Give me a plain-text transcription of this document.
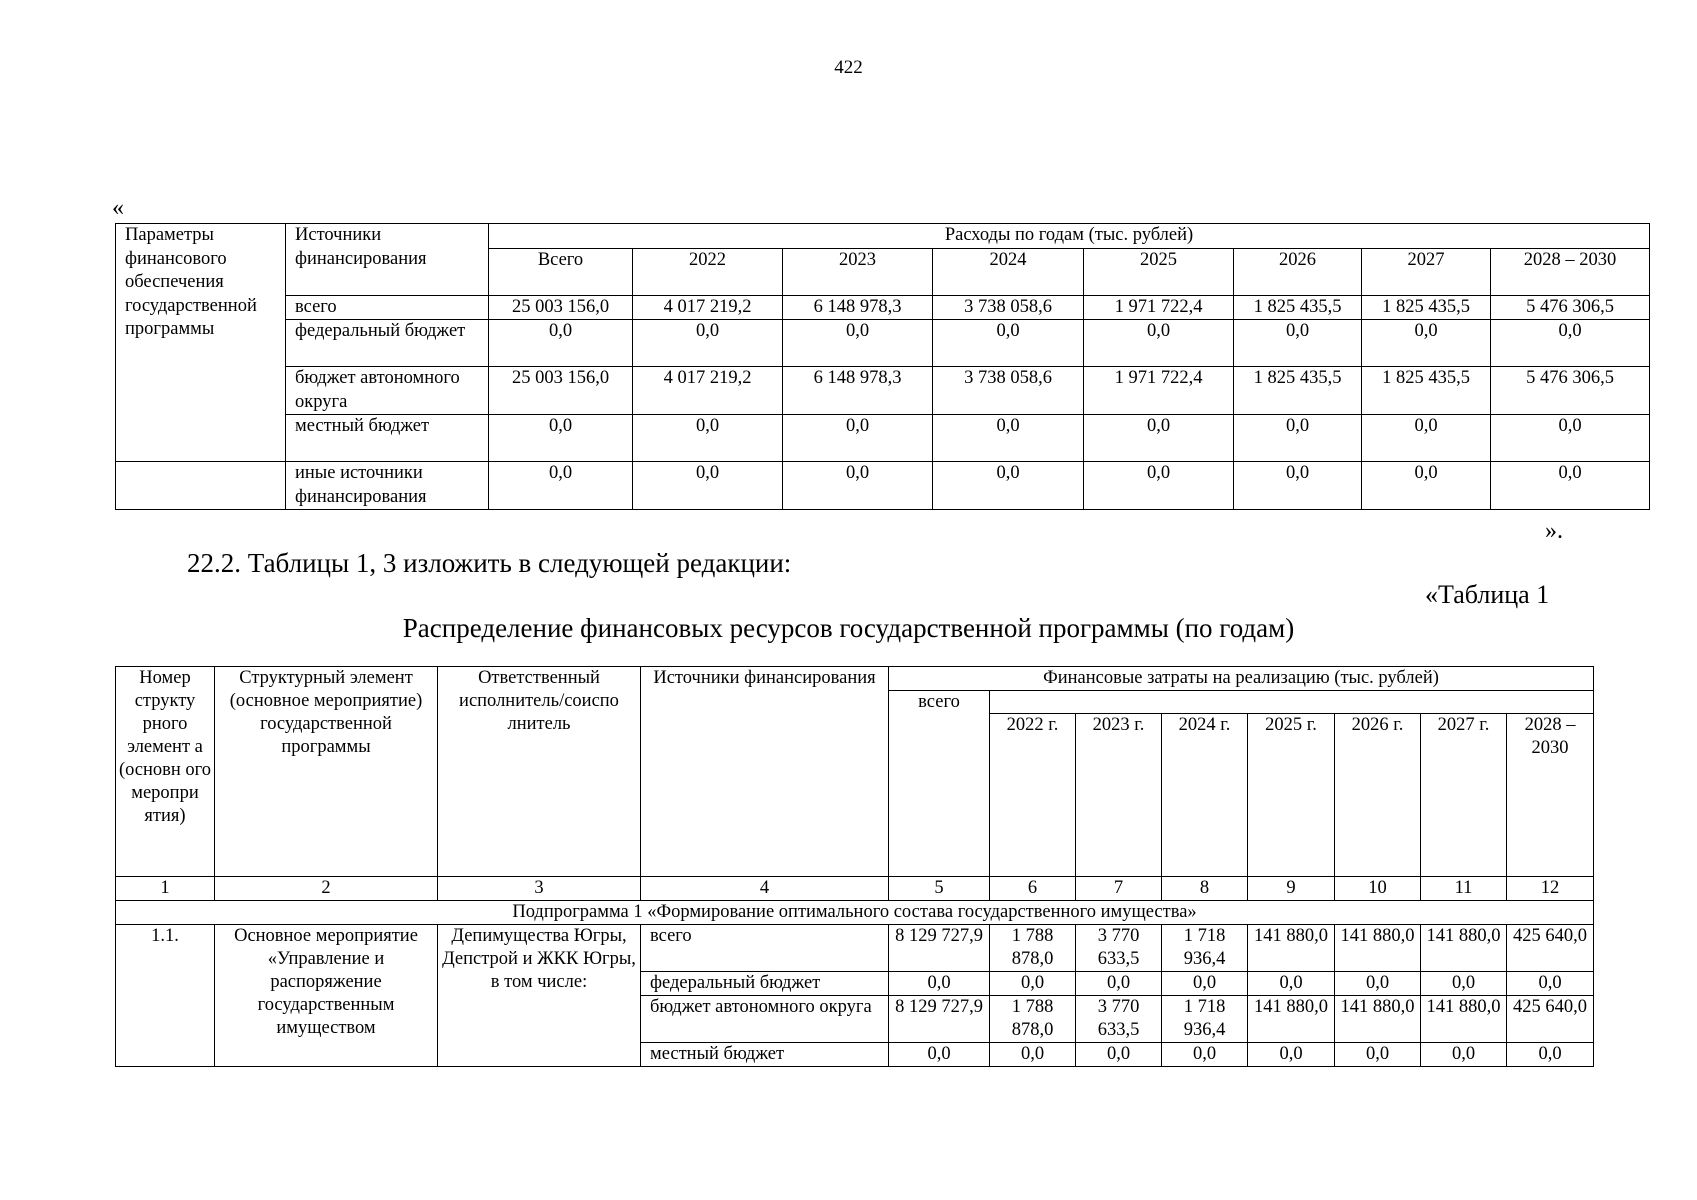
422
«
Параметры финансового обеспечения государственной программы	Источники финансирования	Расходы по годам (тыс. рублей)							
		Всего	2022	2023	2024	2025	2026	2027	2028 – 2030
	всего	25 003 156,0	4 017 219,2	6 148 978,3	3 738 058,6	1 971 722,4	1 825 435,5	1 825 435,5	5 476 306,5
	федеральный бюджет	0,0	0,0	0,0	0,0	0,0	0,0	0,0	0,0
	бюджет автономного округа	25 003 156,0	4 017 219,2	6 148 978,3	3 738 058,6	1 971 722,4	1 825 435,5	1 825 435,5	5 476 306,5
	местный бюджет	0,0	0,0	0,0	0,0	0,0	0,0	0,0	0,0
	иные источники финансирования	0,0	0,0	0,0	0,0	0,0	0,0	0,0	0,0
».
22.2. Таблицы 1, 3 изложить в следующей редакции:
«Таблица 1
Распределение финансовых ресурсов государственной программы (по годам)
Номер структу рного элемент а (основн ого меропри ятия)	Структурный элемент (основное мероприятие) государственной программы	Ответственный исполнитель/соиспо лнитель	Источники финансирования	Финансовые затраты на реализацию (тыс. рублей)							
				всего							
					2022 г.	2023 г.	2024 г.	2025 г.	2026 г.	2027 г.	2028 – 2030
1	2	3	4	5	6	7	8	9	10	11	12
Подпрограмма 1 «Формирование оптимального состава государственного имущества»											
1.1.	Основное мероприятие «Управление и распоряжение государственным имуществом	Депимущества Югры, Депстрой и ЖКК Югры, в том числе:	всего	8 129 727,9	1 788 878,0	3 770 633,5	1 718 936,4	141 880,0	141 880,0	141 880,0	425 640,0
			федеральный бюджет	0,0	0,0	0,0	0,0	0,0	0,0	0,0	0,0
			бюджет автономного округа	8 129 727,9	1 788 878,0	3 770 633,5	1 718 936,4	141 880,0	141 880,0	141 880,0	425 640,0
			местный бюджет	0,0	0,0	0,0	0,0	0,0	0,0	0,0	0,0
